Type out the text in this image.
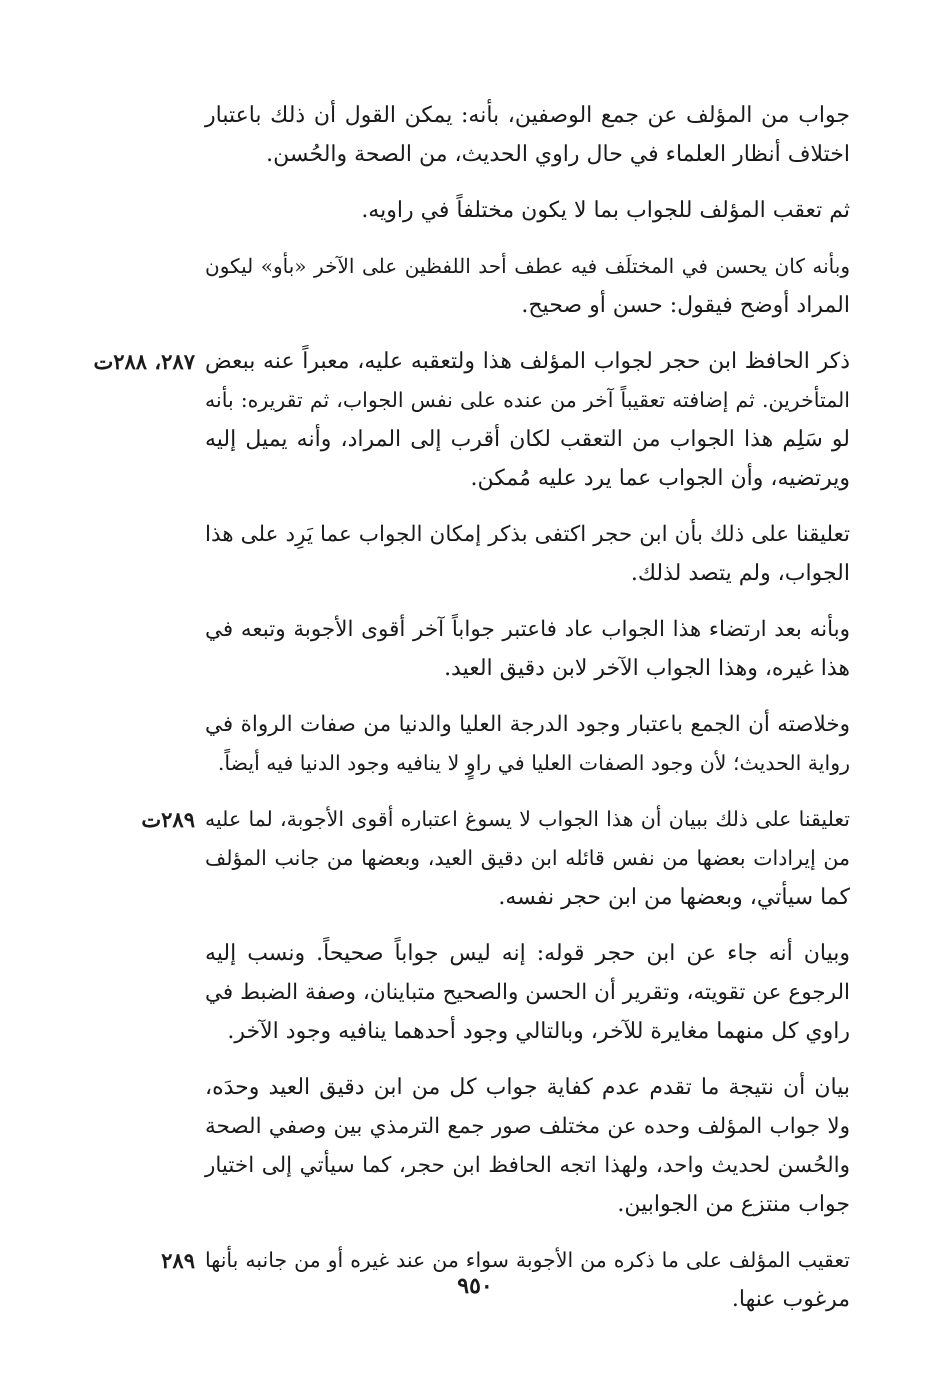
جواب من المؤلف عن جمع الوصفين، بأنه: يمكن القول أن ذلك باعتبار
اختلاف أنظار العلماء في حال راوي الحديث، من الصحة والحُسن.
ثم تعقب المؤلف للجواب بما لا يكون مختلفاً في راويه.
وبأنه كان يحسن في المختلَف فيه عطف أحد اللفظين على الآخر «بأو» ليكون
المراد أوضح فيقول: حسن أو صحيح.
٢٨٧، ٢٨٨ت ذكر الحافظ ابن حجر لجواب المؤلف هذا ولتعقبه عليه، معبراً عنه ببعض
المتأخرين. ثم إضافته تعقيباً آخر من عنده على نفس الجواب، ثم تقريره: بأنه
لو سَلِم هذا الجواب من التعقب لكان أقرب إلى المراد، وأنه يميل إليه
ويرتضيه، وأن الجواب عما يرد عليه مُمكن.
تعليقنا على ذلك بأن ابن حجر اكتفى بذكر إمكان الجواب عما يَرِد على هذا
الجواب، ولم يتصد لذلك.
وبأنه بعد ارتضاء هذا الجواب عاد فاعتبر جواباً آخر أقوى الأجوبة وتبعه في
هذا غيره، وهذا الجواب الآخر لابن دقيق العيد.
وخلاصته أن الجمع باعتبار وجود الدرجة العليا والدنيا من صفات الرواة في
رواية الحديث؛ لأن وجود الصفات العليا في راوٍ لا ينافيه وجود الدنيا فيه أيضاً.
٢٨٩ت تعليقنا على ذلك ببيان أن هذا الجواب لا يسوغ اعتباره أقوى الأجوبة، لما عليه
من إيرادات بعضها من نفس قائله ابن دقيق العيد، وبعضها من جانب المؤلف
كما سيأتي، وبعضها من ابن حجر نفسه.
وبيان أنه جاء عن ابن حجر قوله: إنه ليس جواباً صحيحاً. ونسب إليه
الرجوع عن تقويته، وتقرير أن الحسن والصحيح متباينان، وصفة الضبط في
راوي كل منهما مغايرة للآخر، وبالتالي وجود أحدهما ينافيه وجود الآخر.
بيان أن نتيجة ما تقدم عدم كفاية جواب كل من ابن دقيق العيد وحدَه،
ولا جواب المؤلف وحده عن مختلف صور جمع الترمذي بين وصفي الصحة
والحُسن لحديث واحد، ولهذا اتجه الحافظ ابن حجر، كما سيأتي إلى اختيار
جواب منتزع من الجوابين.
٢٨٩ تعقيب المؤلف على ما ذكره من الأجوبة سواء من عند غيره أو من جانبه بأنها
مرغوب عنها.
٩٥٠
